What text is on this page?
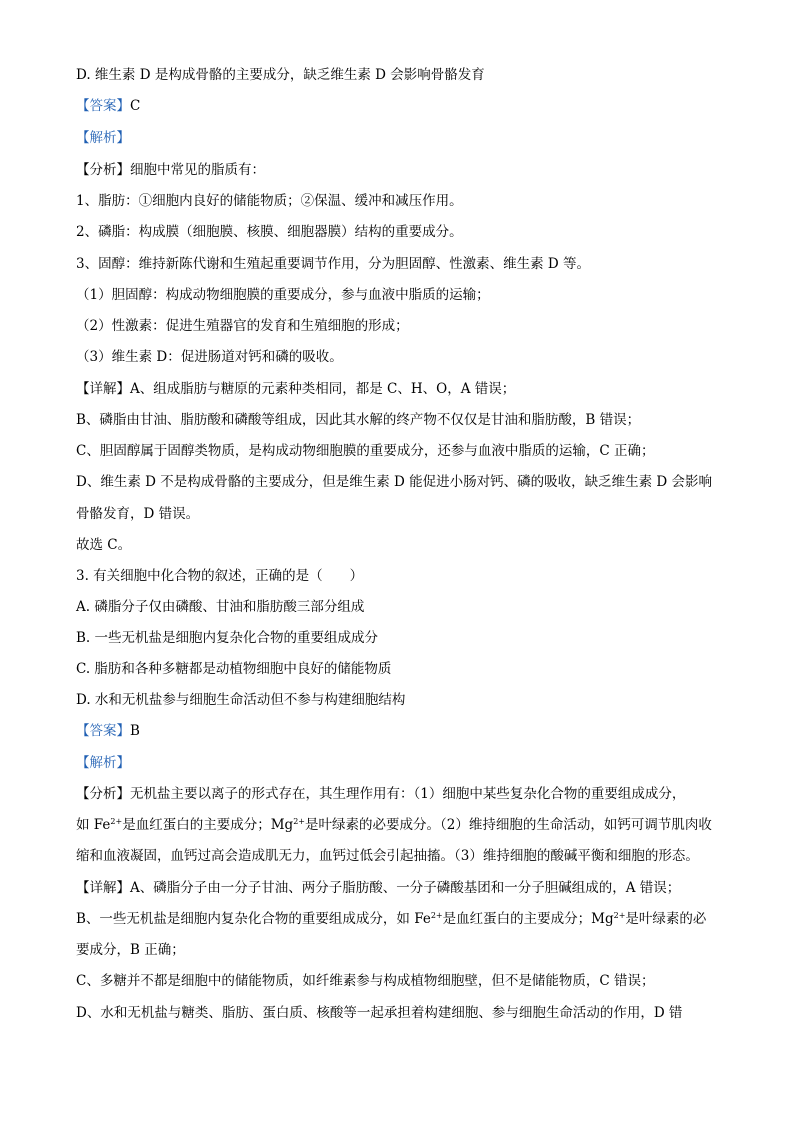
D. 维生素 D 是构成骨骼的主要成分，缺乏维生素 D 会影响骨骼发育
【答案】C
【解析】
【分析】细胞中常见的脂质有：
1、脂肪：①细胞内良好的储能物质；②保温、缓冲和减压作用。
2、磷脂：构成膜（细胞膜、核膜、细胞器膜）结构的重要成分。
3、固醇：维持新陈代谢和生殖起重要调节作用，分为胆固醇、性激素、维生素 D 等。
（1）胆固醇：构成动物细胞膜的重要成分，参与血液中脂质的运输；
（2）性激素：促进生殖器官的发育和生殖细胞的形成；
（3）维生素 D：促进肠道对钙和磷的吸收。
【详解】A、组成脂肪与糖原的元素种类相同，都是 C、H、O，A 错误；
B、磷脂由甘油、脂肪酸和磷酸等组成，因此其水解的终产物不仅仅是甘油和脂肪酸，B 错误；
C、胆固醇属于固醇类物质，是构成动物细胞膜的重要成分，还参与血液中脂质的运输，C 正确；
D、维生素 D 不是构成骨骼的主要成分，但是维生素 D 能促进小肠对钙、磷的吸收，缺乏维生素 D 会影响
骨骼发育，D 错误。
故选 C。
3. 有关细胞中化合物的叙述，正确的是（　　）
A. 磷脂分子仅由磷酸、甘油和脂肪酸三部分组成
B. 一些无机盐是细胞内复杂化合物的重要组成成分
C. 脂肪和各种多糖都是动植物细胞中良好的储能物质
D. 水和无机盐参与细胞生命活动但不参与构建细胞结构
【答案】B
【解析】
【分析】无机盐主要以离子的形式存在，其生理作用有：（1）细胞中某些复杂化合物的重要组成成分，
如 $Fe^{2+}$是血红蛋白的主要成分；$Mg^{2+}$是叶绿素的必要成分。（2）维持细胞的生命活动，如钙可调节肌肉收
缩和血液凝固，血钙过高会造成肌无力，血钙过低会引起抽搐。（3）维持细胞的酸碱平衡和细胞的形态。
【详解】A、磷脂分子由一分子甘油、两分子脂肪酸、一分子磷酸基团和一分子胆碱组成的，A 错误；
B、一些无机盐是细胞内复杂化合物的重要组成成分，如 $Fe^{2+}$是血红蛋白的主要成分；$Mg^{2+}$是叶绿素的必
要成分，B 正确；
C、多糖并不都是细胞中的储能物质，如纤维素参与构成植物细胞壁，但不是储能物质，C 错误；
D、水和无机盐与糖类、脂肪、蛋白质、核酸等一起承担着构建细胞、参与细胞生命活动的作用，D 错
